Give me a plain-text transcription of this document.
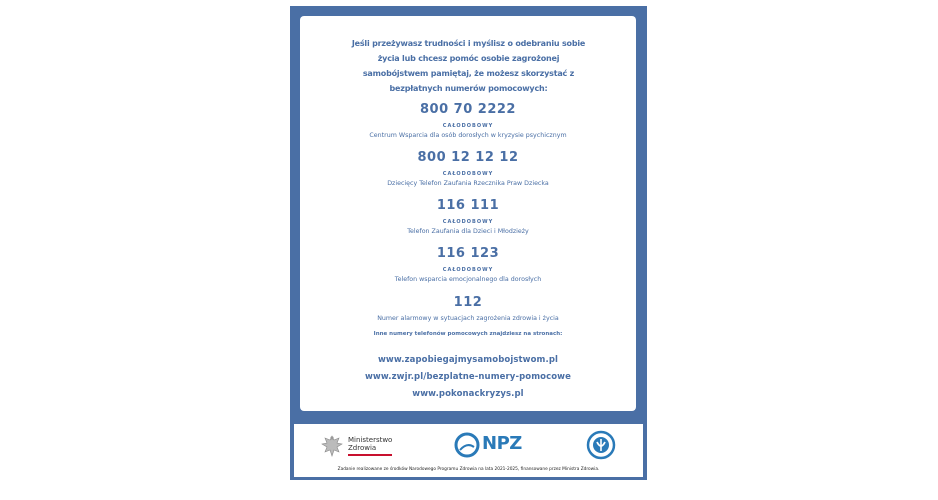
Jeśli przeżywasz trudności i myślisz o odebraniu sobie życia lub chcesz pomóc osobie zagrożonej samobójstwem pamiętaj, że możesz skorzystać z bezpłatnych numerów pomocowych:
800 70 2222
CAŁODOBOWY
Centrum Wsparcia dla osób dorosłych w kryzysie psychicznym
800 12 12 12
CAŁODOBOWY
Dziecięcy Telefon Zaufania Rzecznika Praw Dziecka
116 111
CAŁODOBOWY
Telefon Zaufania dla Dzieci i Młodzieży
116 123
CAŁODOBOWY
Telefon wsparcia emocjonalnego dla dorosłych
112
Numer alarmowy w sytuacjach zagrożenia zdrowia i życia
Inne numery telefonów pomocowych znajdziesz na stronach:
www.zapobiegajmysamobojstwom.pl
www.zwjr.pl/bezplatne-numery-pomocowe
www.pokonackryzys.pl
Ministerstwo
Zdrowia	NPZ
Zadanie realizowane ze środków Narodowego Programu Zdrowia na lata 2021-2025, finansowane przez Ministra Zdrowia.
